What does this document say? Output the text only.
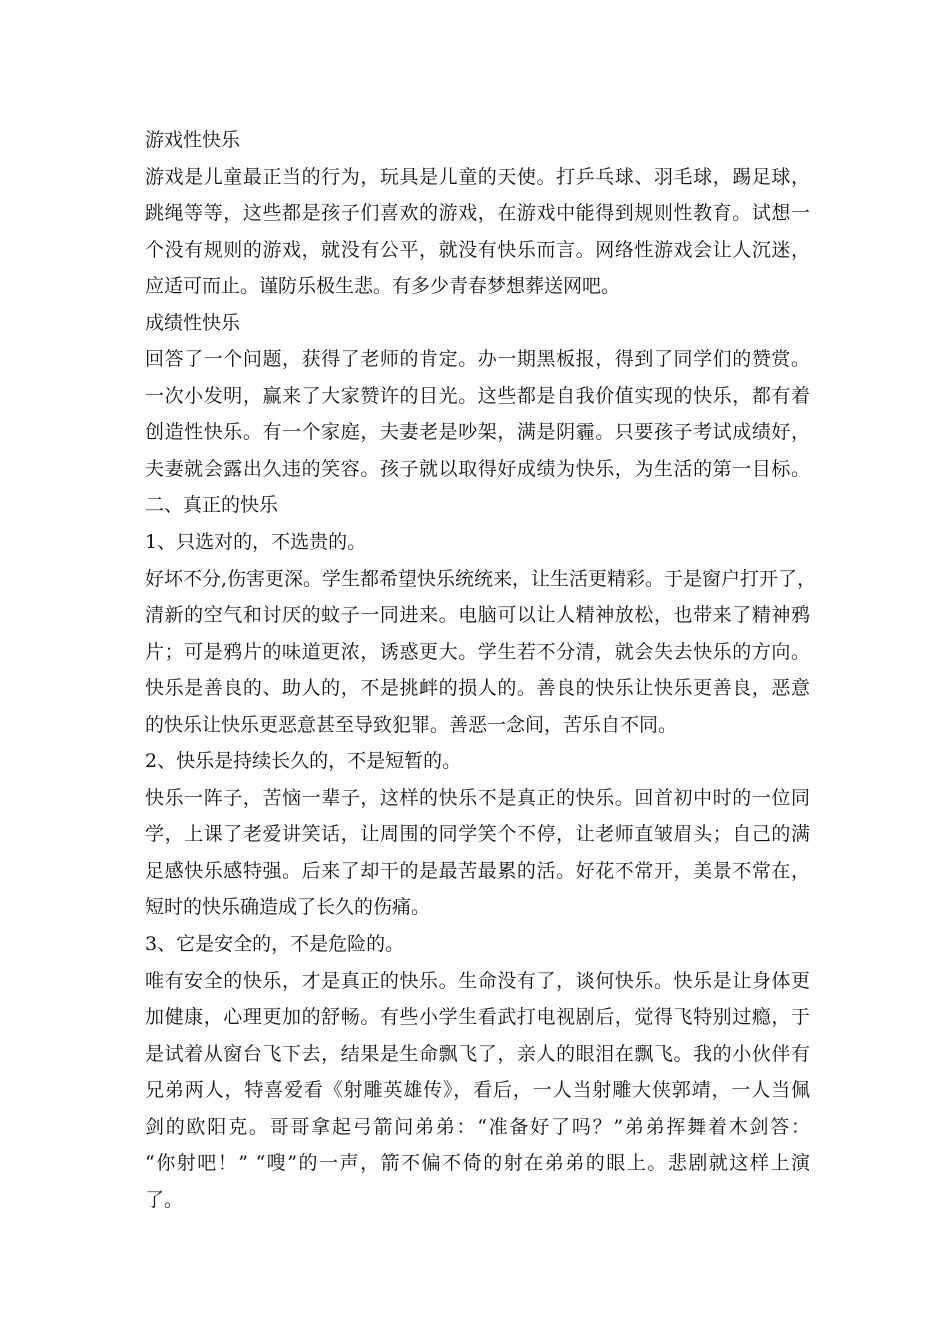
游戏性快乐
游戏是儿童最正当的行为，玩具是儿童的天使。打乒乓球、羽毛球，踢足球，
跳绳等等，这些都是孩子们喜欢的游戏，在游戏中能得到规则性教育。试想一
个没有规则的游戏，就没有公平，就没有快乐而言。网络性游戏会让人沉迷，
应适可而止。谨防乐极生悲。有多少青春梦想葬送网吧。
成绩性快乐
回答了一个问题，获得了老师的肯定。办一期黑板报，得到了同学们的赞赏。
一次小发明，赢来了大家赞许的目光。这些都是自我价值实现的快乐，都有着
创造性快乐。有一个家庭，夫妻老是吵架，满是阴霾。只要孩子考试成绩好，
夫妻就会露出久违的笑容。孩子就以取得好成绩为快乐，为生活的第一目标。
二、真正的快乐
1、只选对的，不选贵的。
好坏不分,伤害更深。学生都希望快乐统统来，让生活更精彩。于是窗户打开了，
清新的空气和讨厌的蚊子一同进来。电脑可以让人精神放松，也带来了精神鸦
片；可是鸦片的味道更浓，诱惑更大。学生若不分清，就会失去快乐的方向。
快乐是善良的、助人的，不是挑衅的损人的。善良的快乐让快乐更善良，恶意
的快乐让快乐更恶意甚至导致犯罪。善恶一念间，苦乐自不同。
2、快乐是持续长久的，不是短暂的。
快乐一阵子，苦恼一辈子，这样的快乐不是真正的快乐。回首初中时的一位同
学，上课了老爱讲笑话，让周围的同学笑个不停，让老师直皱眉头；自己的满
足感快乐感特强。后来了却干的是最苦最累的活。好花不常开，美景不常在，
短时的快乐确造成了长久的伤痛。
3、它是安全的，不是危险的。
唯有安全的快乐，才是真正的快乐。生命没有了，谈何快乐。快乐是让身体更
加健康，心理更加的舒畅。有些小学生看武打电视剧后，觉得飞特别过瘾，于
是试着从窗台飞下去，结果是生命飘飞了，亲人的眼泪在飘飞。我的小伙伴有
兄弟两人，特喜爱看《射雕英雄传》，看后，一人当射雕大侠郭靖，一人当佩
剑的欧阳克。哥哥拿起弓箭问弟弟：“准备好了吗？”弟弟挥舞着木剑答：
“你射吧！” “嗖”的一声，箭不偏不倚的射在弟弟的眼上。悲剧就这样上演
了。
